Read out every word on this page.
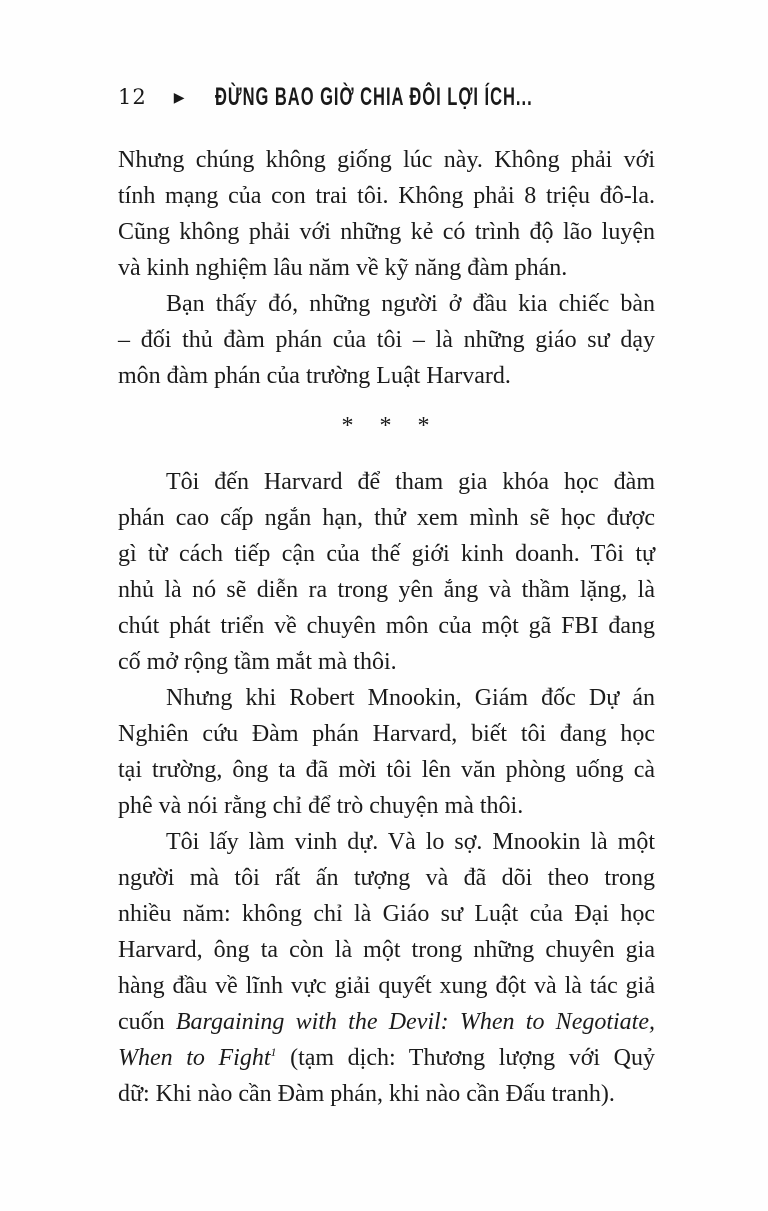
12 ▶ ĐỪNG BAO GIỜ CHIA ĐÔI LỢI ÍCH...
Nhưng chúng không giống lúc này. Không phải với
tính mạng của con trai tôi. Không phải 8 triệu đô-la.
Cũng không phải với những kẻ có trình độ lão luyện
và kinh nghiệm lâu năm về kỹ năng đàm phán.
Bạn thấy đó, những người ở đầu kia chiếc bàn
– đối thủ đàm phán của tôi – là những giáo sư dạy
môn đàm phán của trường Luật Harvard.
* * *
Tôi đến Harvard để tham gia khóa học đàm
phán cao cấp ngắn hạn, thử xem mình sẽ học được
gì từ cách tiếp cận của thế giới kinh doanh. Tôi tự
nhủ là nó sẽ diễn ra trong yên ắng và thầm lặng, là
chút phát triển về chuyên môn của một gã FBI đang
cố mở rộng tầm mắt mà thôi.
Nhưng khi Robert Mnookin, Giám đốc Dự án
Nghiên cứu Đàm phán Harvard, biết tôi đang học
tại trường, ông ta đã mời tôi lên văn phòng uống cà
phê và nói rằng chỉ để trò chuyện mà thôi.
Tôi lấy làm vinh dự. Và lo sợ. Mnookin là một
người mà tôi rất ấn tượng và đã dõi theo trong
nhiều năm: không chỉ là Giáo sư Luật của Đại học
Harvard, ông ta còn là một trong những chuyên gia
hàng đầu về lĩnh vực giải quyết xung đột và là tác giả
cuốn Bargaining with the Devil: When to Negotiate,
When to Fight$^1$ (tạm dịch: Thương lượng với Quỷ
dữ: Khi nào cần Đàm phán, khi nào cần Đấu tranh).
